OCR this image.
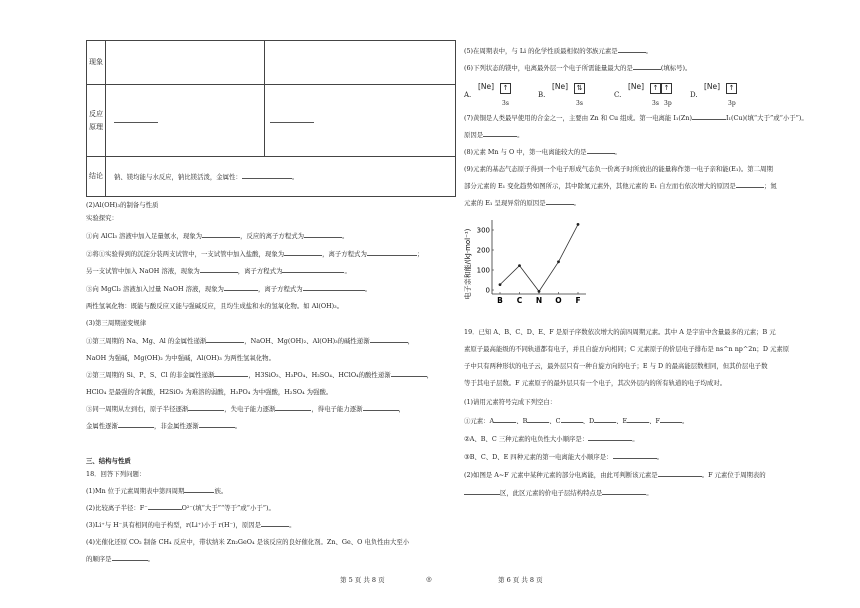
现象		
反应原理		
结论	钠、镁均能与水反应，钠比镁活泼，金属性： 。	
(2)Al(OH)₃的制备与性质
实验探究：
①向 AlCl₃ 溶液中加入足量氨水，现象为	，反应的离子方程式为	。
②将①实验得到的沉淀分装两支试管中，一支试管中加入盐酸，现象为	，离子方程式为	；
另一支试管中加入 NaOH 溶液，现象为	，离子方程式为	。
③向 MgCl₂ 溶液加入过量 NaOH 溶液，现象为	，离子方程式为	。
两性氢氧化物：既能与酸反应又能与强碱反应，且均生成盐和水的氢氧化物。如 Al(OH)₃。
(3)第三周期递变规律
①第三周期的 Na、Mg、Al 的金属性递渐	，NaOH、Mg(OH)₂、Al(OH)₃的碱性递渐	，
NaOH 为强碱，Mg(OH)₂ 为中强碱，Al(OH)₃ 为两性氢氧化物。
②第三周期的 Si、P、S、Cl 的非金属性递渐	，H3SiO₃、H₃PO₄、H₂SO₄、HClO₄的酸性递渐	，
HClO₄ 是最强的含氧酸，H2SiO₃ 为难溶的弱酸，H₃PO₄ 为中强酸，H₂SO₄ 为强酸。
③同一周期从左到右，原子半径逐渐	，失电子能力逐渐	，得电子能力逐渐	，
金属性逐渐	，非金属性逐渐	。
三、结构与性质
18．回答下列问题：
(1)Mn 位于元素周期表中第四周期	族。
(2)比较离子半径：F⁻	O²⁻(填“大于”“等于”或“小于”)。
(3)Li⁺与 H⁻具有相同的电子构型，r(Li⁺)小于 r(H⁻)，原因是	。
(4)光催化还原 CO₂ 制备 CH₄ 反应中，带状纳米 Zn₂GeO₄ 是该反应的良好催化剂。Zn、Ge、O 电负性由大至小
的顺序是	。
(5)在周期表中，与 Li 的化学性质最相似的邻族元素是	。
(6)下列状态的镁中，电离最外层一个电子所需能量最大的是	(填标号)。
A.
[Ne]	↑
3s
B.
[Ne]	⇅
3s
C.
[Ne]	↑ ↑
3s 3p
D.
[Ne]	↑
3p
(7)黄铜是人类最早使用的合金之一，主要由 Zn 和 Cu 组成。第一电离能 I₁(Zn)	I₁(Cu)(填“大于”或“小于”)。
原因是	。
(8)元素 Mn 与 O 中，第一电离能较大的是	。
(9)元素的基态气态原子得到一个电子形成气态负一价离子时所放出的能量称作第一电子亲和能(E₁)。第二周期
部分元素的 E₁ 变化趋势如图所示，其中除氮元素外，其他元素的 E₁ 自左而右依次增大的原因是	；氮
元素的 E₁ 呈现异常的原因是	。
电子亲和能/(kJ·mol⁻¹) 0
100
200
300
B C N O F
19．已知 A、B、C、D、E、F 是原子序数依次增大的前四周期元素。其中 A 是宇宙中含量最多的元素；B 元
素原子最高能级的不同轨道都有电子，并且自旋方向相同；C 元素原子的价层电子排布是 ns^n np^2n；D 元素原
子中只有两种形状的电子云，最外层只有一种自旋方向的电子；E 与 D 的最高能层数相同，但其价层电子数
等于其电子层数。F 元素原子的最外层只有一个电子，其次外层内的所有轨道的电子均成对。
(1)请用元素符号完成下列空白：
①元素：A	、B	、C	、D	、E	、F	。
②A、B、C 三种元素的电负性大小顺序是：	。
③B、C、D、E 四种元素的第一电离能大小顺序是：	。
(2)如图是 A~F 元素中某种元素的部分电离能，由此可判断该元素是	。F 元素位于周期表的
区，此区元素的价电子层结构特点是	。
第 5 页 共 8 页	◎	第 6 页 共 8 页
